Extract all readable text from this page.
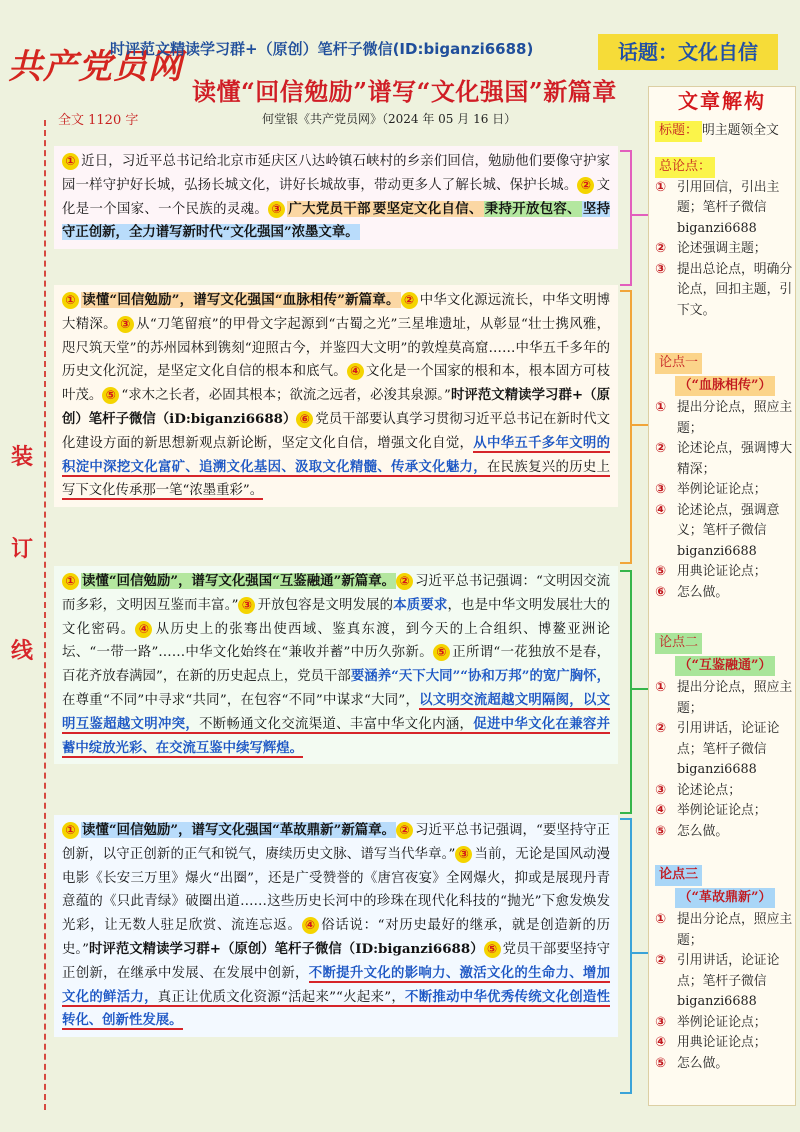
共产党员网
时评范文精读学习群+（原创）笔杆子微信(ID:biganzi6688)	话题：文化自信
读懂“回信勉励”谱写“文化强国”新篇章
全文 1120 字	何堂银《共产党员网》（2024 年 05 月 16 日）
装
订
线
① 近日，习近平总书记给北京市延庆区八达岭镇石峡村的乡亲们回信，勉励他们要像守护家园一样守护好长城，弘扬长城文化，讲好长城故事，带动更多人了解长城、保护长城。 ② 文化是一个国家、一个民族的灵魂。 ③ 广大党员干部 要坚定文化自信、 秉持开放包容、 坚持守正创新，全力谱写新时代“文化强国”浓墨文章。
① 读懂“回信勉励”，谱写文化强国“血脉相传”新篇章。 ② 中华文化源远流长，中华文明博大精深。 ③ 从“刀笔留痕”的甲骨文字起源到“古蜀之光”三星堆遗址，从彰显“壮士携风雅，咫尺筑天堂”的苏州园林到镌刻“迎照古今，并鉴四大文明”的敦煌莫高窟……中华五千多年的历史文化沉淀，是坚定文化自信的根本和底气。 ④ 文化是一个国家的根和本，根本固方可枝叶茂。 ⑤ “求木之长者，必固其根本；欲流之远者，必浚其泉源。”时评范文精读学习群+（原创）笔杆子微信（iD:biganzi6688） ⑥ 党员干部要认真学习贯彻习近平总书记在新时代文化建设方面的新思想新观点新论断，坚定文化自信，增强文化自觉，从中华五千多年文明的积淀中深挖文化富矿、追溯文化基因、汲取文化精髓、传承文化魅力，在民族复兴的历史上写下文化传承那一笔“浓墨重彩”。
① 读懂“回信勉励”，谱写文化强国“互鉴融通”新篇章。 ② 习近平总书记强调：“文明因交流而多彩，文明因互鉴而丰富。” ③ 开放包容是文明发展的本质要求，也是中华文明发展壮大的文化密码。 ④ 从历史上的张骞出使西域、鉴真东渡，到今天的上合组织、博鳌亚洲论坛、“一带一路”……中华文化始终在“兼收并蓄”中历久弥新。 ⑤ 正所谓“一花独放不是春，百花齐放春满园”，在新的历史起点上，党员干部要涵养“天下大同”“协和万邦”的宽广胸怀，在尊重“不同”中寻求“共同”，在包容“不同”中谋求“大同”，以文明交流超越文明隔阂，以文明互鉴超越文明冲突，不断畅通文化交流渠道、丰富中华文化内涵，促进中华文化在兼容并蓄中绽放光彩、在交流互鉴中续写辉煌。
① 读懂“回信勉励”，谱写文化强国“革故鼎新”新篇章。 ② 习近平总书记强调，“要坚持守正创新，以守正创新的正气和锐气，赓续历史文脉、谱写当代华章。” ③ 当前，无论是国风动漫电影《长安三万里》爆火“出圈”，还是广受赞誉的《唐宫夜宴》全网爆火，抑或是展现丹青意蕴的《只此青绿》破圈出道……这些历史长河中的珍珠在现代化科技的“抛光”下愈发焕发光彩，让无数人驻足欣赏、流连忘返。 ④ 俗话说：“对历史最好的继承，就是创造新的历史。”时评范文精读学习群+（原创）笔杆子微信（ID:biganzi6688） ⑤ 党员干部要坚持守正创新，在继承中发展、在发展中创新，不断提升文化的影响力、激活文化的生命力、增加文化的鲜活力，真正让优质文化资源“活起来”“火起来”，不断推动中华优秀传统文化创造性转化、创新性发展。
文章解构
标题： 明主题领全文
总论点：
① 引用回信，引出主题；笔杆子微信 biganzi6688
② 论述强调主题；
③ 提出总论点，明确分论点，回扣主题，引下文。
论点一
（“血脉相传”）
① 提出分论点，照应主题；
② 论述论点，强调博大精深；
③ 举例论证论点；
④ 论述论点，强调意义；笔杆子微信 biganzi6688
⑤ 用典论证论点；
⑥ 怎么做。
论点二
（“互鉴融通”）
① 提出分论点，照应主题；
② 引用讲话，论证论点；笔杆子微信 biganzi6688
③ 论述论点；
④ 举例论证论点；
⑤ 怎么做。
论点三
（“革故鼎新”）
① 提出分论点，照应主题；
② 引用讲话，论证论点；笔杆子微信 biganzi6688
③ 举例论证论点；
④ 用典论证论点；
⑤ 怎么做。
